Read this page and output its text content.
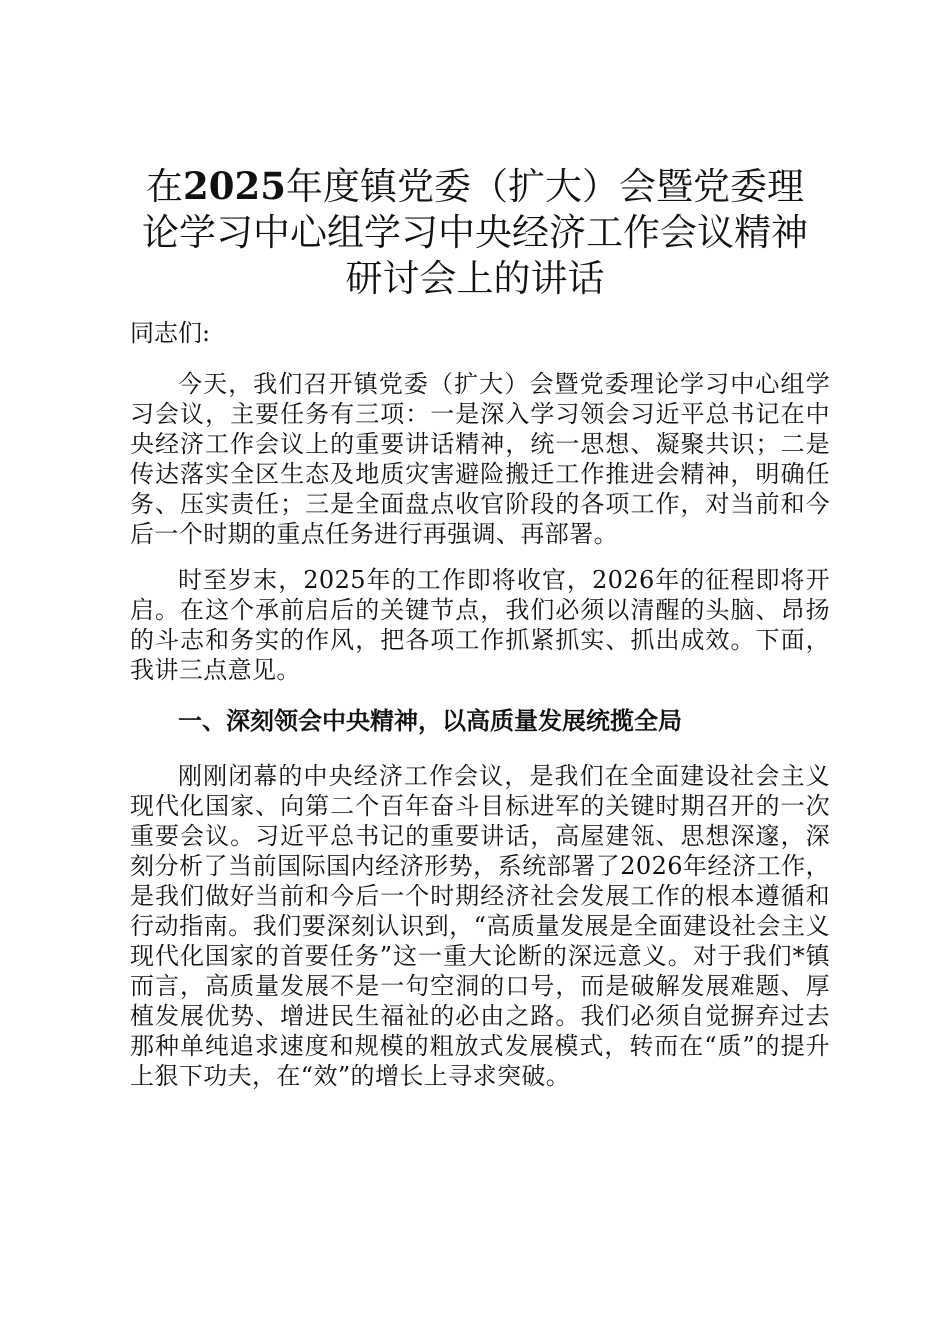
在2025年度镇党委（扩大）会暨党委理论学习中心组学习中央经济工作会议精神研讨会上的讲话

同志们:

今天，我们召开镇党委（扩大）会暨党委理论学习中心组学习会议，主要任务有三项：一是深入学习领会习近平总书记在中央经济工作会议上的重要讲话精神，统一思想、凝聚共识；二是传达落实全区生态及地质灾害避险搬迁工作推进会精神，明确任务、压实责任；三是全面盘点收官阶段的各项工作，对当前和今后一个时期的重点任务进行再强调、再部署。

时至岁末，2025年的工作即将收官，2026年的征程即将开启。在这个承前启后的关键节点，我们必须以清醒的头脑、昂扬的斗志和务实的作风，把各项工作抓紧抓实、抓出成效。下面，我讲三点意见。

一、深刻领会中央精神，以高质量发展统揽全局

刚刚闭幕的中央经济工作会议，是我们在全面建设社会主义现代化国家、向第二个百年奋斗目标进军的关键时期召开的一次重要会议。习近平总书记的重要讲话，高屋建瓴、思想深邃，深刻分析了当前国际国内经济形势，系统部署了2026年经济工作，是我们做好当前和今后一个时期经济社会发展工作的根本遵循和行动指南。我们要深刻认识到，“高质量发展是全面建设社会主义现代化国家的首要任务”这一重大论断的深远意义。对于我们*镇而言，高质量发展不是一句空洞的口号，而是破解发展难题、厚植发展优势、增进民生福祉的必由之路。我们必须自觉摒弃过去那种单纯追求速度和规模的粗放式发展模式，转而在“质”的提升上狠下功夫，在“效”的增长上寻求突破。
